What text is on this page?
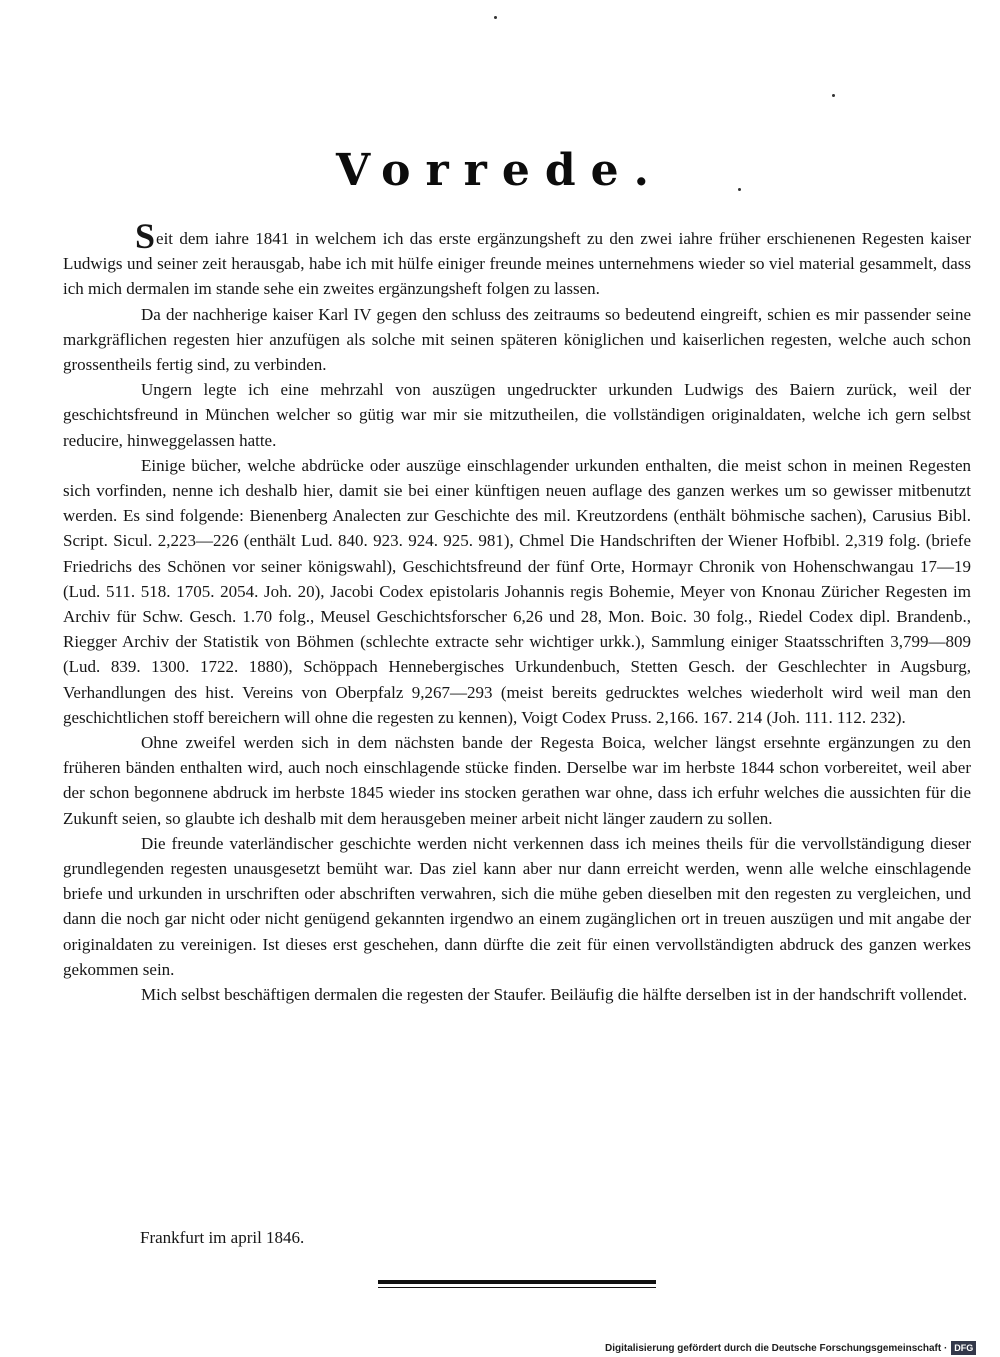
Vorrede.

Seit dem iahre 1841 in welchem ich das erste ergänzungsheft zu den zwei iahre früher erschienenen Regesten kaiser Ludwigs und seiner zeit herausgab, habe ich mit hülfe einiger freunde meines unternehmens wieder so viel material gesammelt, dass ich mich dermalen im stande sehe ein zweites ergänzungsheft folgen zu lassen.

Da der nachherige kaiser Karl IV gegen den schluss des zeitraums so bedeutend eingreift, schien es mir passender seine markgräflichen regesten hier anzufügen als solche mit seinen späteren königlichen und kaiserlichen regesten, welche auch schon grossentheils fertig sind, zu verbinden.

Ungern legte ich eine mehrzahl von auszügen ungedruckter urkunden Ludwigs des Baiern zurück, weil der geschichtsfreund in München welcher so gütig war mir sie mitzutheilen, die vollständigen originaldaten, welche ich gern selbst reducire, hinweggelassen hatte.

Einige bücher, welche abdrücke oder auszüge einschlagender urkunden enthalten, die meist schon in meinen Regesten sich vorfinden, nenne ich deshalb hier, damit sie bei einer künftigen neuen auflage des ganzen werkes um so gewisser mitbenutzt werden. Es sind folgende: Bienenberg Analecten zur Geschichte des mil. Kreutzordens (enthält böhmische sachen), Carusius Bibl. Script. Sicul. 2,223—226 (enthält Lud. 840. 923. 924. 925. 981), Chmel Die Handschriften der Wiener Hofbibl. 2,319 folg. (briefe Friedrichs des Schönen vor seiner königswahl), Geschichtsfreund der fünf Orte, Hormayr Chronik von Hohenschwangau 17—19 (Lud. 511. 518. 1705. 2054. Joh. 20), Jacobi Codex epistolaris Johannis regis Bohemie, Meyer von Knonau Züricher Regesten im Archiv für Schw. Gesch. 1.70 folg., Meusel Geschichtsforscher 6,26 und 28, Mon. Boic. 30 folg., Riedel Codex dipl. Brandenb., Riegger Archiv der Statistik von Böhmen (schlechte extracte sehr wichtiger urkk.), Sammlung einiger Staatsschriften 3,799—809 (Lud. 839. 1300. 1722. 1880), Schöppach Hennebergisches Urkundenbuch, Stetten Gesch. der Geschlechter in Augsburg, Verhandlungen des hist. Vereins von Oberpfalz 9,267—293 (meist bereits gedrucktes welches wiederholt wird weil man den geschichtlichen stoff bereichern will ohne die regesten zu kennen), Voigt Codex Pruss. 2,166. 167. 214 (Joh. 111. 112. 232).

Ohne zweifel werden sich in dem nächsten bande der Regesta Boica, welcher längst ersehnte ergänzungen zu den früheren bänden enthalten wird, auch noch einschlagende stücke finden. Derselbe war im herbste 1844 schon vorbereitet, weil aber der schon begonnene abdruck im herbste 1845 wieder ins stocken gerathen war ohne, dass ich erfuhr welches die aussichten für die Zukunft seien, so glaubte ich deshalb mit dem herausgeben meiner arbeit nicht länger zaudern zu sollen.

Die freunde vaterländischer geschichte werden nicht verkennen dass ich meines theils für die vervollständigung dieser grundlegenden regesten unausgesetzt bemüht war. Das ziel kann aber nur dann erreicht werden, wenn alle welche einschlagende briefe und urkunden in urschriften oder abschriften verwahren, sich die mühe geben dieselben mit den regesten zu vergleichen, und dann die noch gar nicht oder nicht genügend gekannten irgendwo an einem zugänglichen ort in treuen auszügen und mit angabe der originaldaten zu vereinigen. Ist dieses erst geschehen, dann dürfte die zeit für einen vervollständigten abdruck des ganzen werkes gekommen sein.

Mich selbst beschäftigen dermalen die regesten der Staufer. Beiläufig die hälfte derselben ist in der handschrift vollendet.

Frankfurt im april 1846.
Digitalisierung gefördert durch die Deutsche Forschungsgemeinschaft · DFG
